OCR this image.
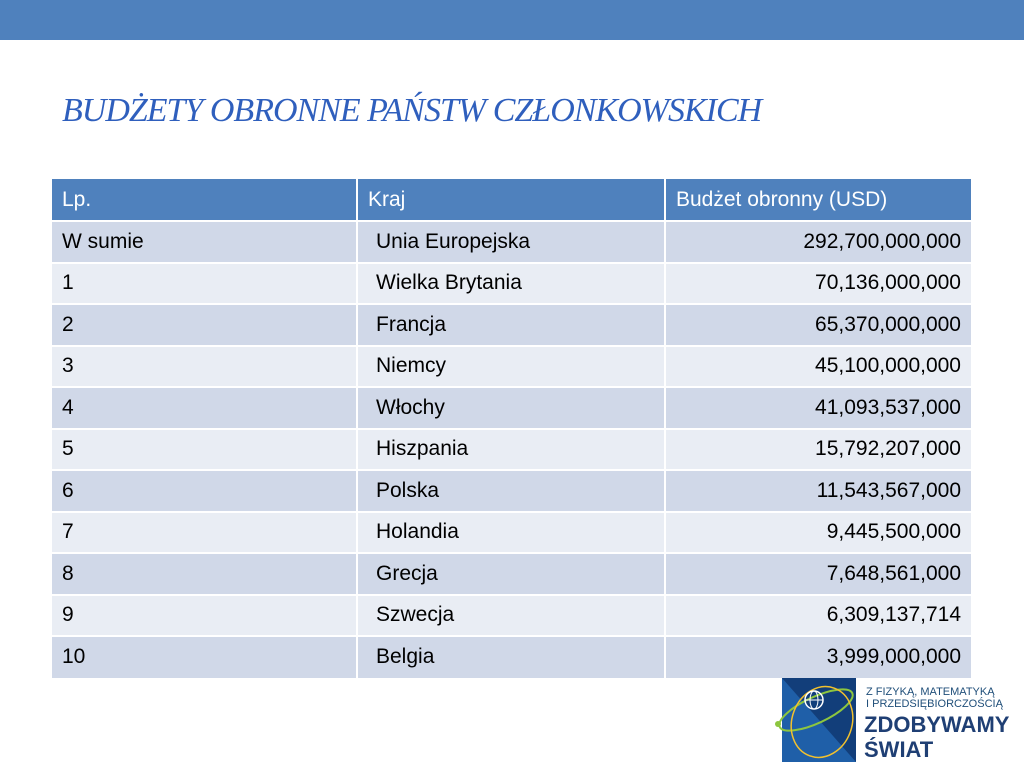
BUDŻETY OBRONNE PAŃSTW CZŁONKOWSKICH
Lp.	Kraj	Budżet obronny (USD)
W sumie	Unia Europejska	292,700,000,000
1	Wielka Brytania	70,136,000,000
2	Francja	65,370,000,000
3	Niemcy	45,100,000,000
4	Włochy	41,093,537,000
5	Hiszpania	15,792,207,000
6	Polska	11,543,567,000
7	Holandia	9,445,500,000
8	Grecja	7,648,561,000
9	Szwecja	6,309,137,714
10	Belgia	3,999,000,000

Z FIZYKĄ, MATEMATYKĄ
I PRZEDSIĘBIORCZOŚCIĄ

ZDOBYWAMY
ŚWIAT
